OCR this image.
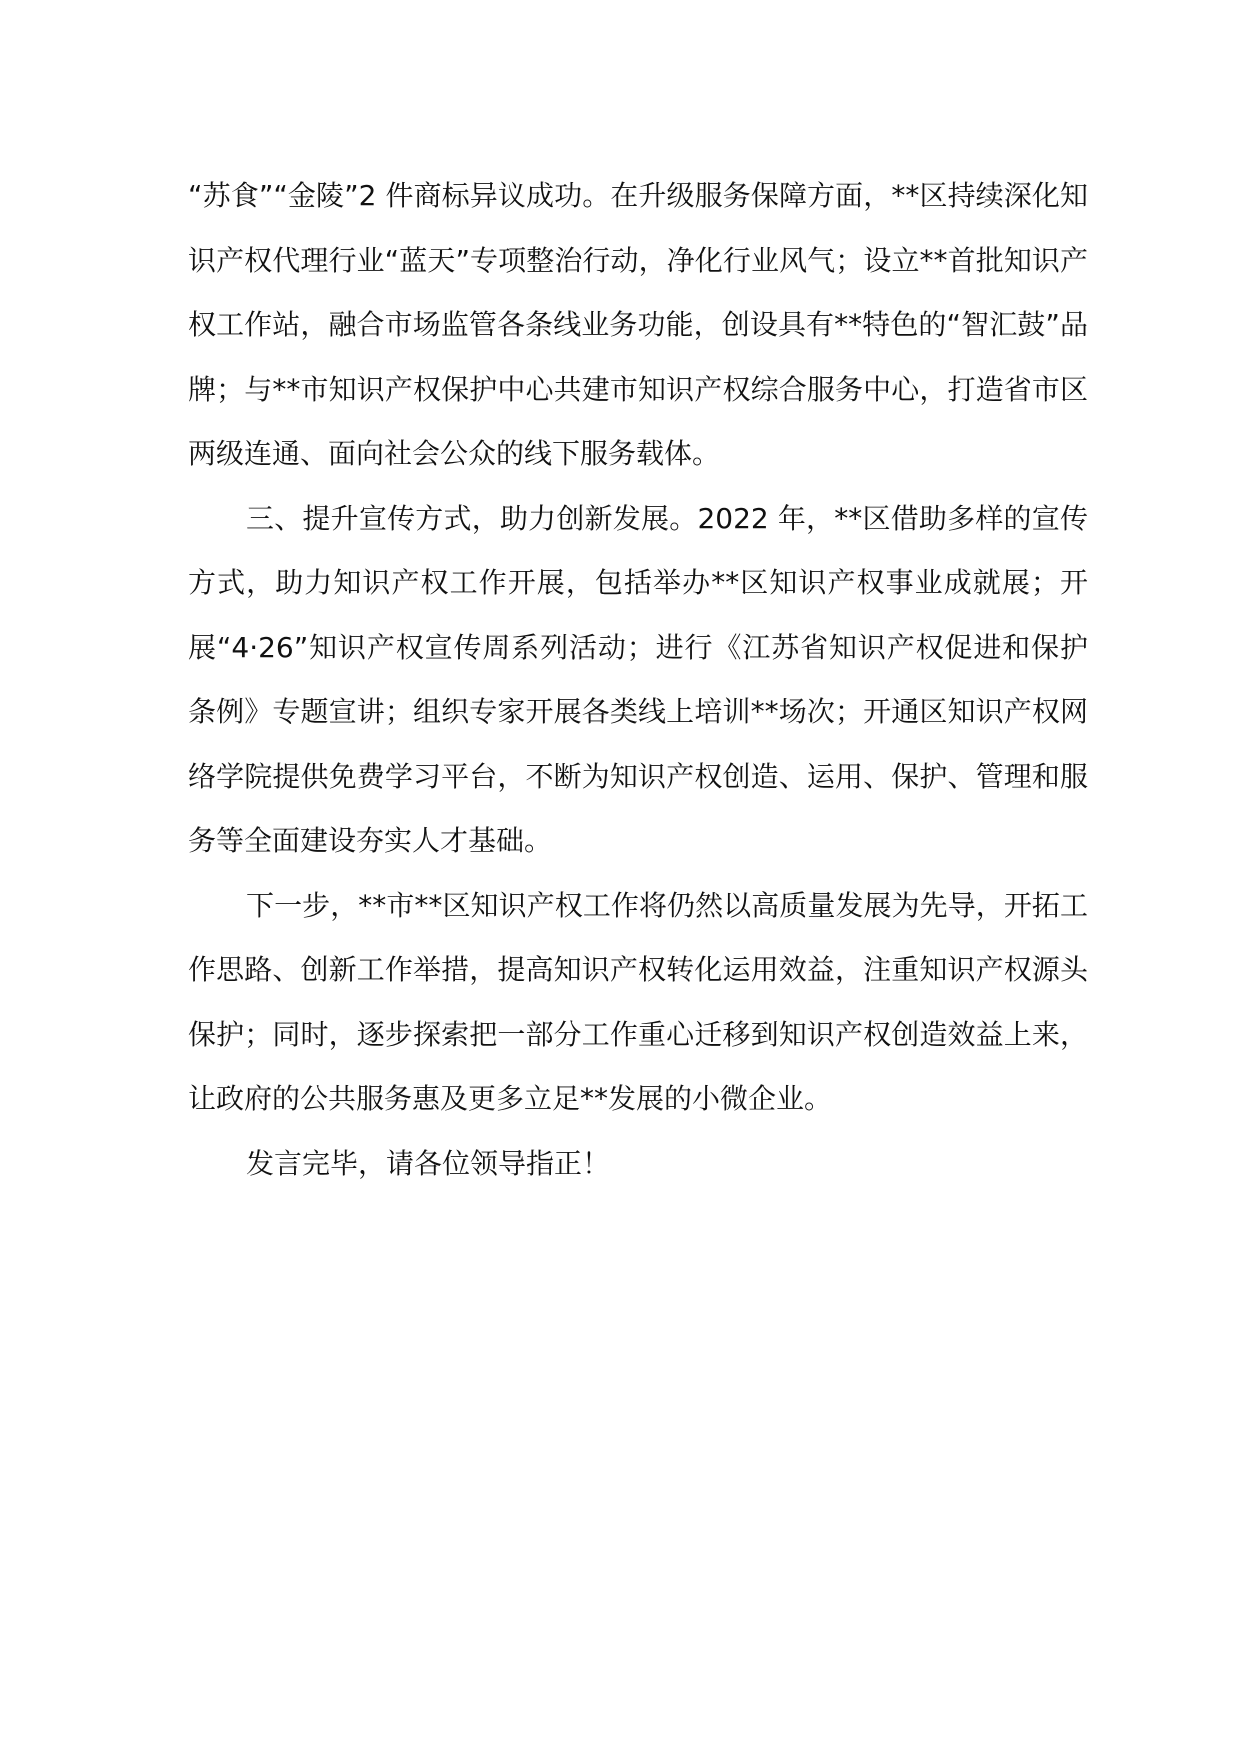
“苏食”“金陵”2 件商标异议成功。在升级服务保障方面，**区持续深化知识产权代理行业“蓝天”专项整治行动，净化行业风气；设立**首批知识产权工作站，融合市场监管各条线业务功能，创设具有**特色的“智汇鼓”品牌；与**市知识产权保护中心共建市知识产权综合服务中心，打造省市区两级连通、面向社会公众的线下服务载体。

三、提升宣传方式，助力创新发展。2022 年，**区借助多样的宣传方式，助力知识产权工作开展，包括举办**区知识产权事业成就展；开展“4·26”知识产权宣传周系列活动；进行《江苏省知识产权促进和保护条例》专题宣讲；组织专家开展各类线上培训**场次；开通区知识产权网络学院提供免费学习平台，不断为知识产权创造、运用、保护、管理和服务等全面建设夯实人才基础。

下一步，**市**区知识产权工作将仍然以高质量发展为先导，开拓工作思路、创新工作举措，提高知识产权转化运用效益，注重知识产权源头保护；同时，逐步探索把一部分工作重心迁移到知识产权创造效益上来，让政府的公共服务惠及更多立足**发展的小微企业。

发言完毕，请各位领导指正！
